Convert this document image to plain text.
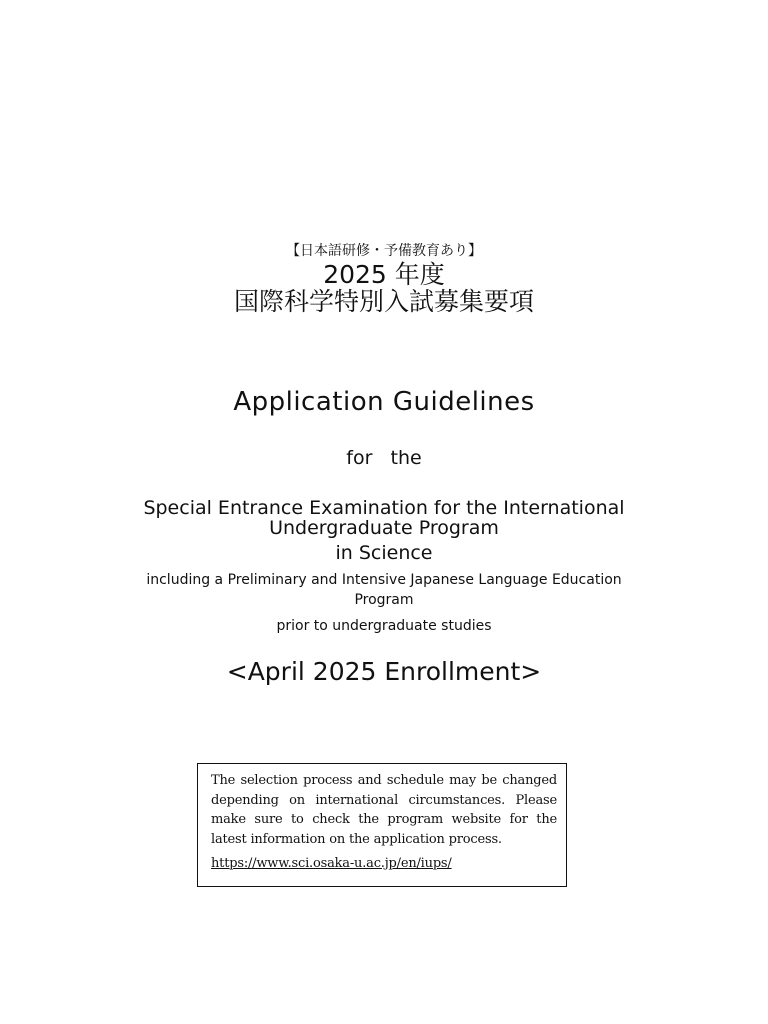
【日本語研修・予備教育あり】

2025 年度

国際科学特別入試募集要項
Application Guidelines

for  the

Special Entrance Examination for the International

Undergraduate Program

in Science

including a Preliminary and Intensive Japanese Language Education

Program

prior to undergraduate studies

<April 2025 Enrollment>

The selection process and schedule may be changed depending on international circumstances. Please make sure to check the program website for the latest information on the application process.

https://www.sci.osaka-u.ac.jp/en/iups/
